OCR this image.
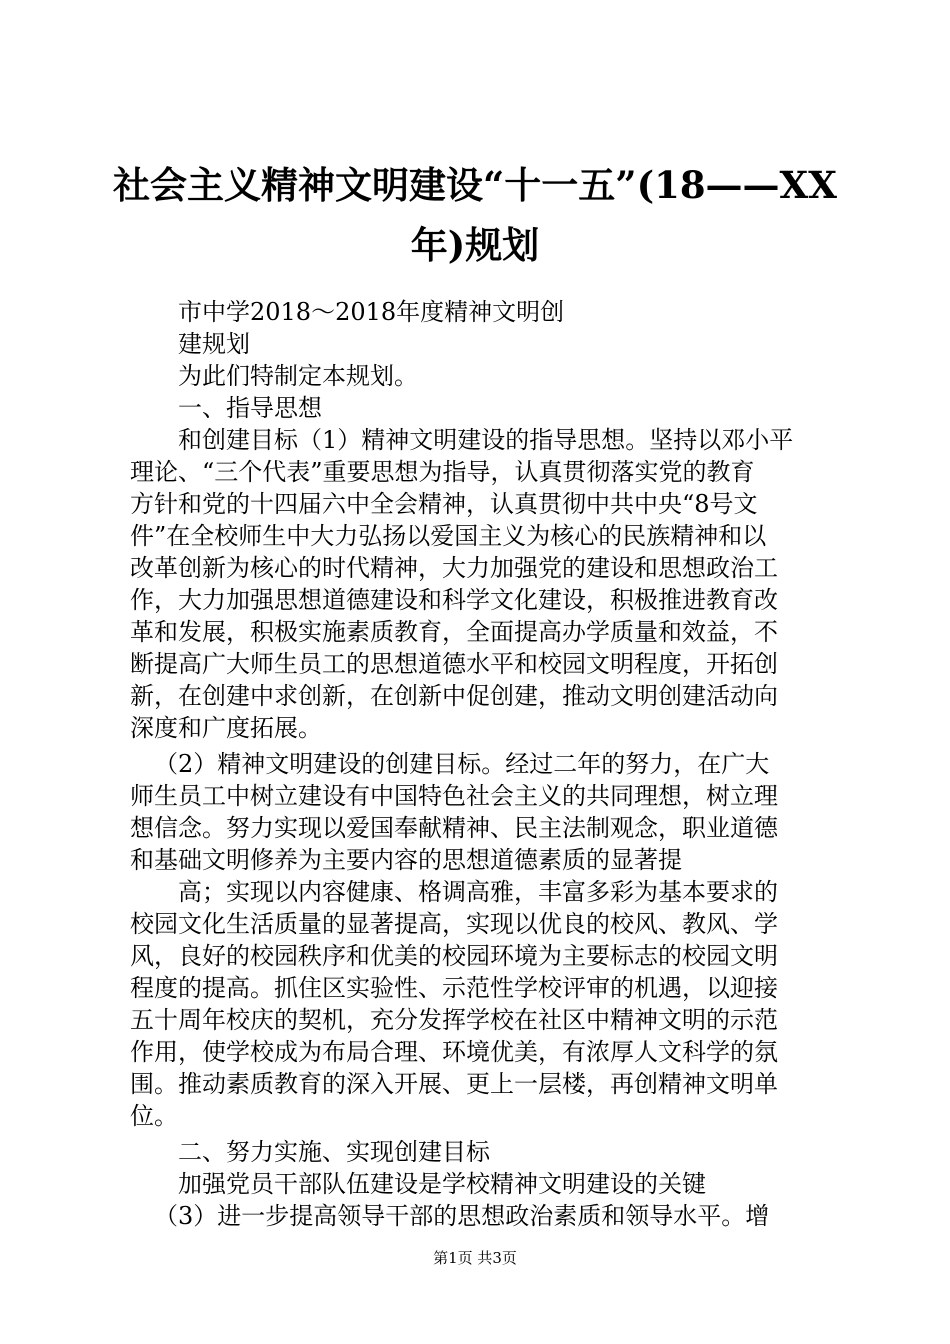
社会主义精神文明建设“十一五”(18——XX
年)规划

市中学2018～2018年度精神文明创

建规划

为此们特制定本规划。

一、指导思想

和创建目标（1）精神文明建设的指导思想。坚持以邓小平

理论、“三个代表”重要思想为指导，认真贯彻落实党的教育

方针和党的十四届六中全会精神，认真贯彻中共中央“8号文

件”在全校师生中大力弘扬以爱国主义为核心的民族精神和以

改革创新为核心的时代精神，大力加强党的建设和思想政治工

作，大力加强思想道德建设和科学文化建设，积极推进教育改

革和发展，积极实施素质教育，全面提高办学质量和效益，不

断提高广大师生员工的思想道德水平和校园文明程度，开拓创

新，在创建中求创新，在创新中促创建，推动文明创建活动向

深度和广度拓展。

（2）精神文明建设的创建目标。经过二年的努力，在广大

师生员工中树立建设有中国特色社会主义的共同理想，树立理

想信念。努力实现以爱国奉献精神、民主法制观念，职业道德

和基础文明修养为主要内容的思想道德素质的显著提

高；实现以内容健康、格调高雅，丰富多彩为基本要求的

校园文化生活质量的显著提高，实现以优良的校风、教风、学

风，良好的校园秩序和优美的校园环境为主要标志的校园文明

程度的提高。抓住区实验性、示范性学校评审的机遇，以迎接

五十周年校庆的契机，充分发挥学校在社区中精神文明的示范

作用，使学校成为布局合理、环境优美，有浓厚人文科学的氛

围。推动素质教育的深入开展、更上一层楼，再创精神文明单

位。

二、努力实施、实现创建目标

加强党员干部队伍建设是学校精神文明建设的关键

（3）进一步提高领导干部的思想政治素质和领导水平。增

第1页 共3页
